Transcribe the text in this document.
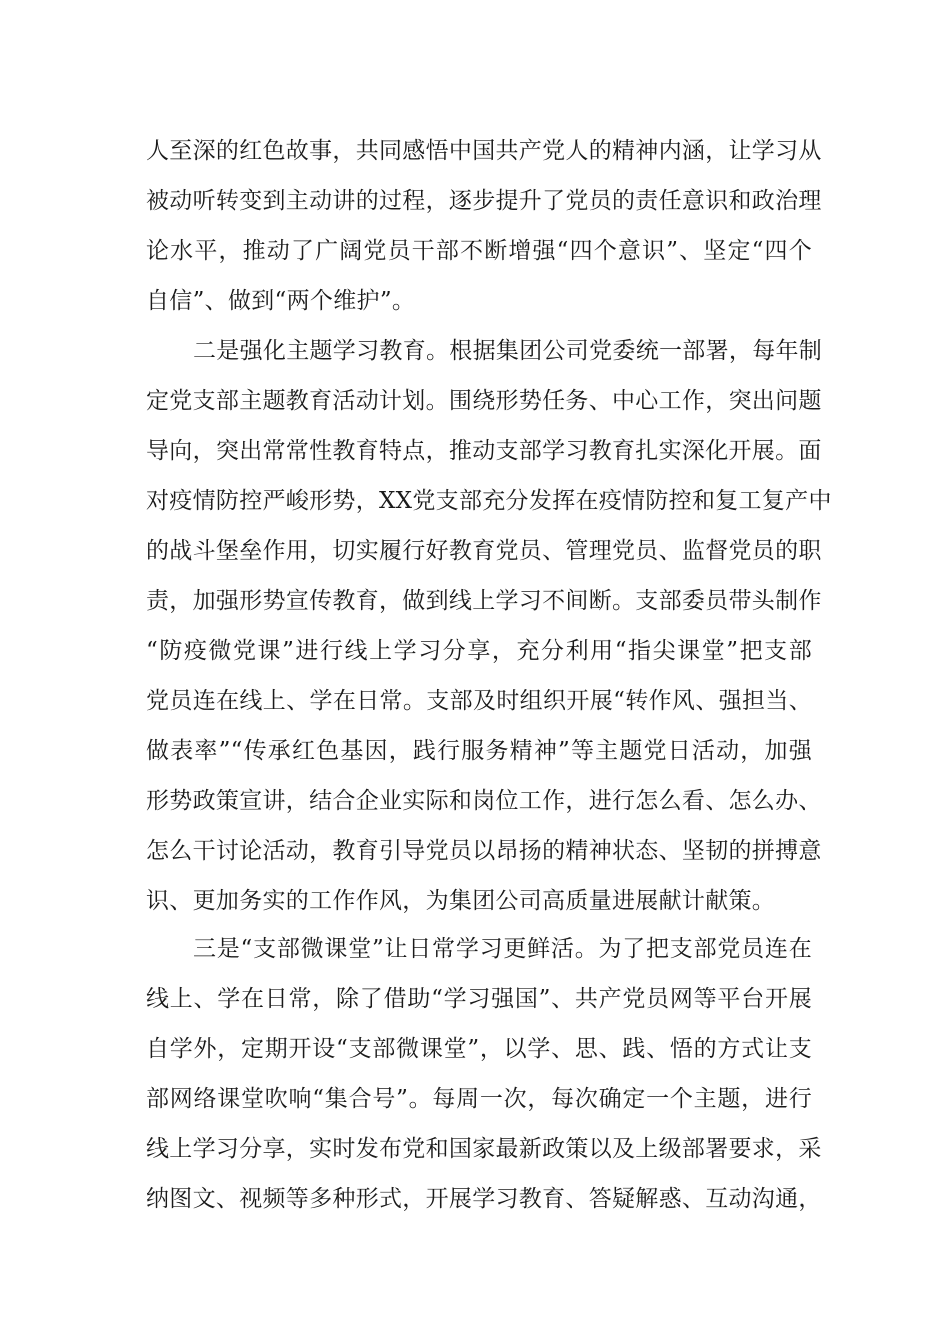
人至深的红色故事，共同感悟中国共产党人的精神内涵，让学习从
被动听转变到主动讲的过程，逐步提升了党员的责任意识和政治理
论水平，推动了广阔党员干部不断增强“四个意识”、坚定“四个
自信”、做到“两个维护”。
二是强化主题学习教育。根据集团公司党委统一部署，每年制
定党支部主题教育活动计划。围绕形势任务、中心工作，突出问题
导向，突出常常性教育特点，推动支部学习教育扎实深化开展。面
对疫情防控严峻形势，XX党支部充分发挥在疫情防控和复工复产中
的战斗堡垒作用，切实履行好教育党员、管理党员、监督党员的职
责，加强形势宣传教育，做到线上学习不间断。支部委员带头制作
“防疫微党课”进行线上学习分享，充分利用“指尖课堂”把支部
党员连在线上、学在日常。支部及时组织开展“转作风、强担当、
做表率”“传承红色基因，践行服务精神”等主题党日活动，加强
形势政策宣讲，结合企业实际和岗位工作，进行怎么看、怎么办、
怎么干讨论活动，教育引导党员以昂扬的精神状态、坚韧的拼搏意
识、更加务实的工作作风，为集团公司高质量进展献计献策。
三是“支部微课堂”让日常学习更鲜活。为了把支部党员连在
线上、学在日常，除了借助“学习强国”、共产党员网等平台开展
自学外，定期开设“支部微课堂”，以学、思、践、悟的方式让支
部网络课堂吹响“集合号”。每周一次，每次确定一个主题，进行
线上学习分享，实时发布党和国家最新政策以及上级部署要求，采
纳图文、视频等多种形式，开展学习教育、答疑解惑、互动沟通，
